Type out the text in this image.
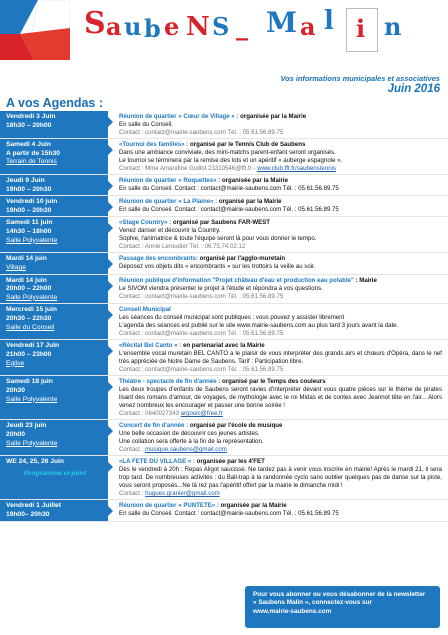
S a u b e N S _ M a l i n
Vos informations municipales et associatives
Juin 2016
A vos Agendas :
Vendredi 3 Juin
18h30 – 20h00
Réunion de quartier « Cœur de Village » : organisée par la Mairie
En salle du Conseil.
Contact : contact@mairie-saubens.com Tél. : 05.61.56.89.75
Samedi 4 Juin
A partir de 15h30
Terrain de Tennis
«Tournoi des familles» : organisé par le Tennis Club de Saubens
Dans une ambiance conviviale, des mini-matchs parent-enfant seront organisés.
Le tournoi se terminera par la remise des lots et un apéritif « auberge espagnole ».
Contact : Mme Amandine Guillot 23310546@fft.fr - www.club.fft.fr/saubenstennis
Jeudi 9 Juin
19h00 – 20h30
Réunion de quartier « Roquettes» : organisée par la Mairie
En salle du Conseil. Contact : contact@mairie-saubens.com Tél. : 05.61.56.89.75
Vendredi 10 juin
19h00 – 20h30
Réunion de quartier « La Plaine» : organisé par la Mairie
En salle du Conseil. Contact : contact@mairie-saubens.com Tél. : 05.61.56.89.75
Samedi 11 juin
14h30 – 18h00
Salle Polyvalente
«Stage Country» : organisé par Saubens FAR-WEST
Venez danser et découvrir la Country.
Sophie, l'animatrice & toute l'équipe seront là pour vous donner le tempo.
Contact : Annie Leroudier Tél. : 06.75.74.02.12
Mardi 14 juin
Village
Passage des encombrants: organisé par l'agglo-muretain
Déposez vos objets dits « encombrants » sur les trottoirs la veille au soir.
Mardi 14 juin
20h00 – 22h00
Salle Polyvalente
Réunion publique d'information "Projet château d'eau et production eau potable" : Mairie
Le SIVOM viendra présenter le projet à l'étude et répondra à vos questions.
Contact : contact@mairie-saubens.com Tél. : 05.61.56.89.75
Mercredi 15 juin
20h30 – 22h30
Salle du Conseil
Conseil Municipal
Les séances du conseil municipal sont publiques : vous pouvez y assister librement
L'agenda des séances est publié sur le site www.mairie-saubens.com au plus tard 3 jours avant la date.
Contact : contact@mairie-saubens.com Tél. : 05.61.56.89.75
Vendredi 17 Juin
21h00 – 23h00
Eglise
«Récital Bel Canto » : en partenariat avec la Mairie

L'ensemble vocal muretain BEL CANTO a le plaisir de vous interpréter des grands airs et chœurs d'Opéra, dans le nef très appréciée de Notre Dame de Saubens. Tarif : Participation libre.
Contact : contact@mairie-saubens.com Tél. : 05.61.56.89.75
Samedi 18 juin
20h30
Salle Polyvalente
Théâtre - spectacle de fin d'année : organisé par le Temps des couleurs

Les deux troupes d'enfants de Saubens seront ravies d'interpréter devant vous quatre pièces sur le thème de pirates lisant des romans d'amour, de voyages, de mythologie avec le roi Midas et de contes avec Jeannot tête en l'air... Alors venez nombreux les encourager et passer une bonne soirée !
Contact : 0640027343 argoulc@free.fr
Jeudi 23 juin
20h00
Salle Polyvalente
Concert de fin d'année : organisé par l'école de musique
Une belle occasion de découvrir ces jeunes artistes.
Une collation sera offerte à la fin de la représentation.
Contact : musique.saubens@gmail.com
WE 24, 25, 26 Juin
Programme ci-joint
«LA FETE DU VILLAGE » : organisée par les 4'FET

Dès le vendredi à 20h : Repas Aligot saucisse. Ne tardez pas à venir vous inscrire en mairie! Après le mardi 21, il sera trop tard. De nombreuses activités : du Ball-trap à la randonnée cyclo sans oublier quelques pas de danse sur la piste, vous seront proposés...Ne tâ rez pas l'apéritif offert par la mairie le dimanche midi !
Contact : hugues.granier@gmail.com
Vendredi 1 Juillet
19h00– 20h30
Réunion de quartier « PUNTETE» : organisée par la Mairie
En salle du Conseil. Contact : contact@mairie-saubens.com Tél. : 05.61.56.89.75
Pour vous abonner ou vous désabonner de la newsletter
« Saubens Malin », connectez-vous sur
www.mairie-saubens.com
